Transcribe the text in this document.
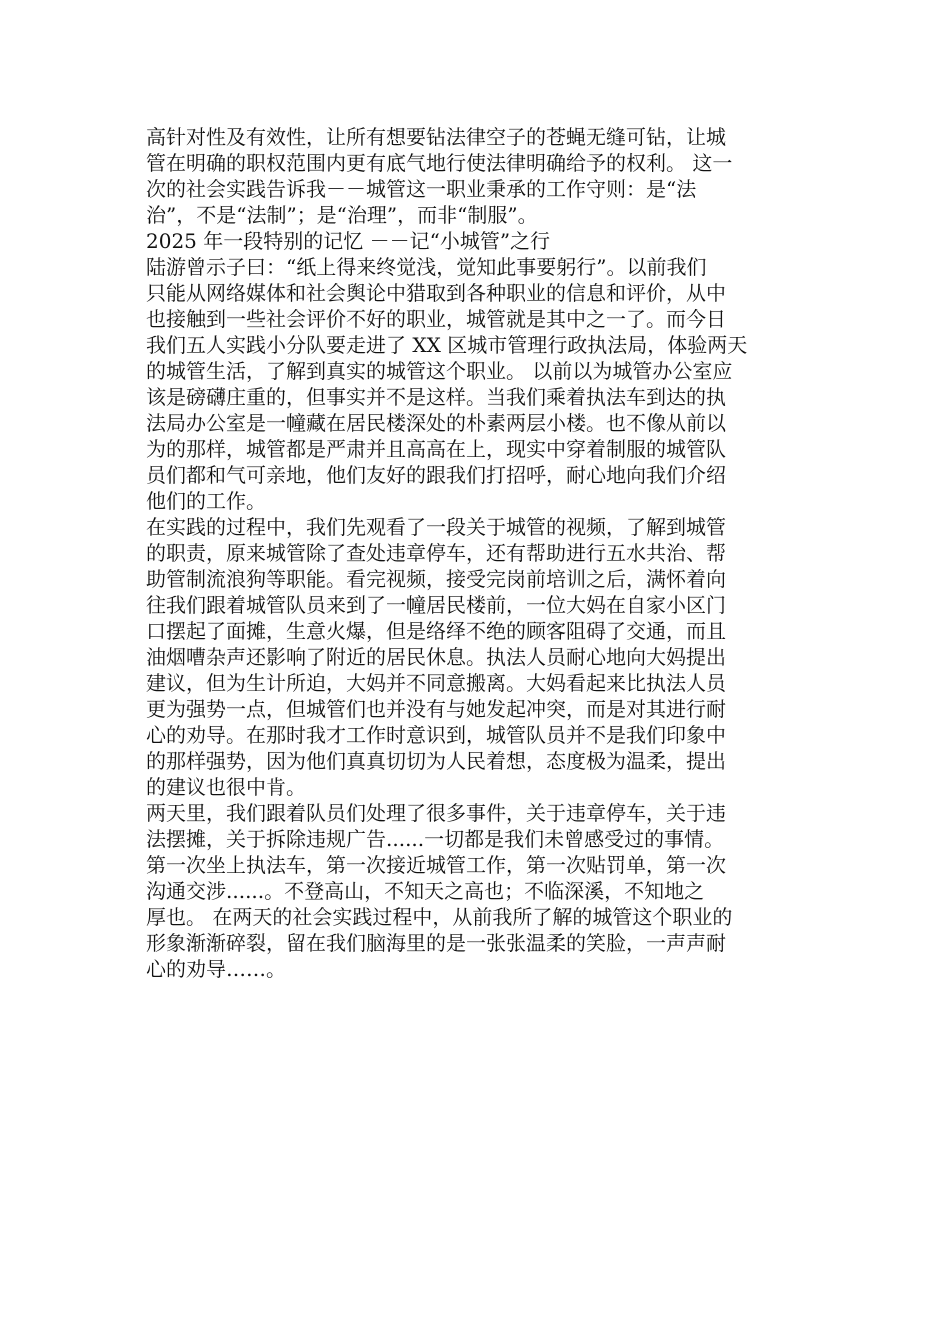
高针对性及有效性，让所有想要钻法律空子的苍蝇无缝可钻，让城
管在明确的职权范围内更有底气地行使法律明确给予的权利。 这一
次的社会实践告诉我－－城管这一职业秉承的工作守则：是“法
治”，不是“法制”；是“治理”，而非“制服”。
2025 年一段特别的记忆 －－记“小城管”之行
陆游曾示子曰：“纸上得来终觉浅，觉知此事要躬行”。以前我们
只能从网络媒体和社会舆论中猎取到各种职业的信息和评价，从中
也接触到一些社会评价不好的职业，城管就是其中之一了。而今日
我们五人实践小分队要走进了 XX 区城市管理行政执法局，体验两天
的城管生活，了解到真实的城管这个职业。 以前以为城管办公室应
该是磅礴庄重的，但事实并不是这样。当我们乘着执法车到达的执
法局办公室是一幢藏在居民楼深处的朴素两层小楼。也不像从前以
为的那样，城管都是严肃并且高高在上，现实中穿着制服的城管队
员们都和气可亲地，他们友好的跟我们打招呼，耐心地向我们介绍
他们的工作。
在实践的过程中，我们先观看了一段关于城管的视频，了解到城管
的职责，原来城管除了查处违章停车，还有帮助进行五水共治、帮
助管制流浪狗等职能。看完视频，接受完岗前培训之后，满怀着向
往我们跟着城管队员来到了一幢居民楼前，一位大妈在自家小区门
口摆起了面摊，生意火爆，但是络绎不绝的顾客阻碍了交通，而且
油烟嘈杂声还影响了附近的居民休息。执法人员耐心地向大妈提出
建议，但为生计所迫，大妈并不同意搬离。大妈看起来比执法人员
更为强势一点，但城管们也并没有与她发起冲突，而是对其进行耐
心的劝导。在那时我才工作时意识到，城管队员并不是我们印象中
的那样强势，因为他们真真切切为人民着想，态度极为温柔，提出
的建议也很中肯。
两天里，我们跟着队员们处理了很多事件，关于违章停车，关于违
法摆摊，关于拆除违规广告......一切都是我们未曾感受过的事情。
第一次坐上执法车，第一次接近城管工作，第一次贴罚单，第一次
沟通交涉......。不登高山，不知天之高也；不临深溪，不知地之
厚也。 在两天的社会实践过程中，从前我所了解的城管这个职业的
形象渐渐碎裂，留在我们脑海里的是一张张温柔的笑脸，一声声耐
心的劝导……。
